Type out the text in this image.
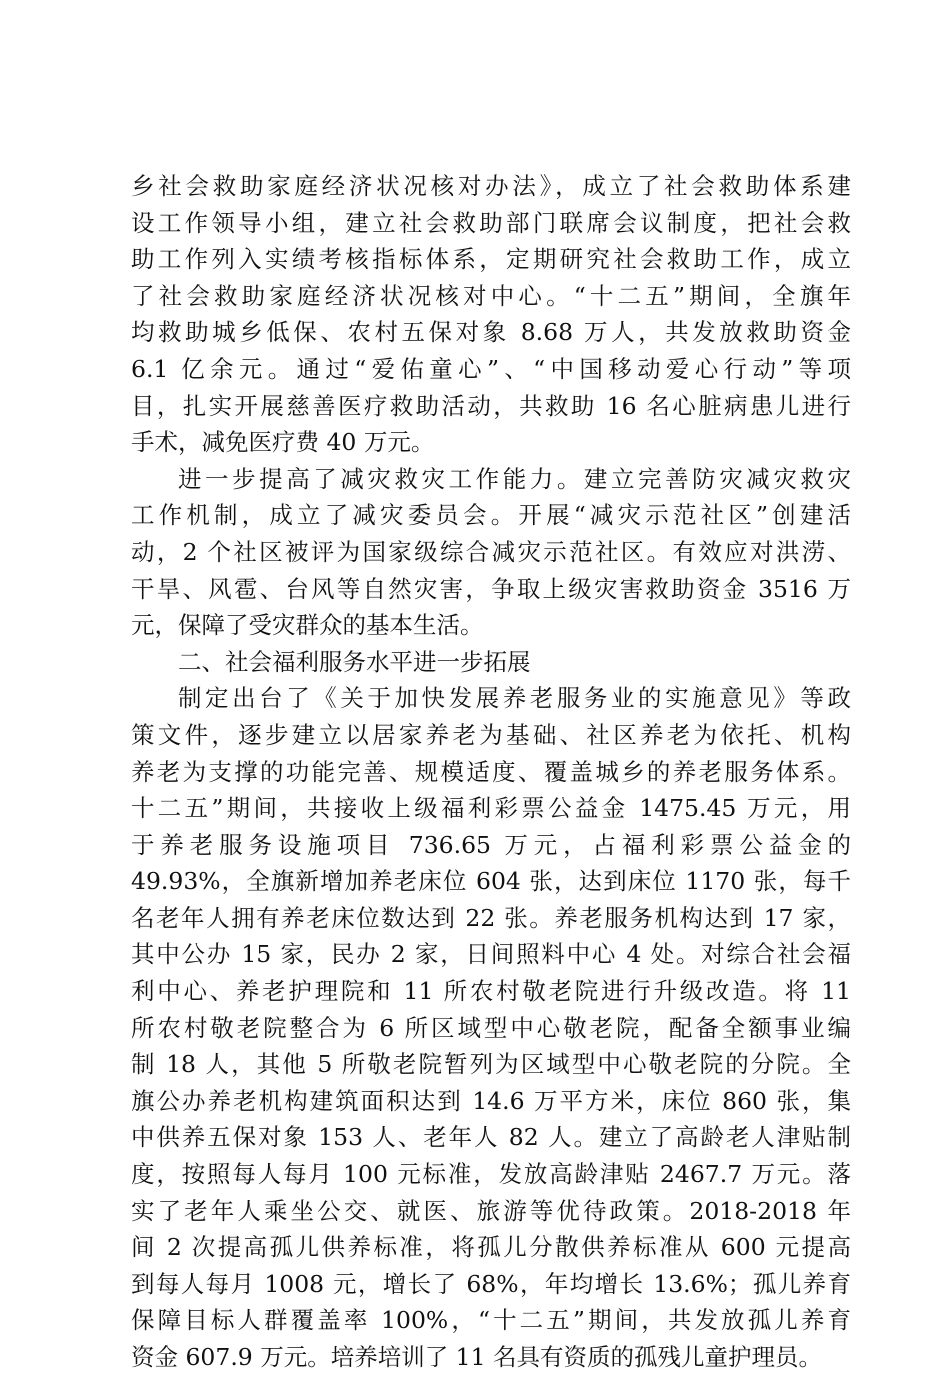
乡社会救助家庭经济状况核对办法》，成立了社会救助体系建
设工作领导小组，建立社会救助部门联席会议制度，把社会救
助工作列入实绩考核指标体系，定期研究社会救助工作，成立
了社会救助家庭经济状况核对中心。“十二五”期间，全旗年
均救助城乡低保、农村五保对象 8.68 万人，共发放救助资金
6.1 亿余元。通过“爱佑童心”、“中国移动爱心行动”等项
目，扎实开展慈善医疗救助活动，共救助 16 名心脏病患儿进行
手术，减免医疗费 40 万元。
进一步提高了减灾救灾工作能力。建立完善防灾减灾救灾
工作机制，成立了减灾委员会。开展“减灾示范社区”创建活
动，2 个社区被评为国家级综合减灾示范社区。有效应对洪涝、
干旱、风雹、台风等自然灾害，争取上级灾害救助资金 3516 万
元，保障了受灾群众的基本生活。
二、社会福利服务水平进一步拓展
制定出台了《关于加快发展养老服务业的实施意见》等政
策文件，逐步建立以居家养老为基础、社区养老为依托、机构
养老为支撑的功能完善、规模适度、覆盖城乡的养老服务体系。
十二五”期间，共接收上级福利彩票公益金 1475.45 万元，用
于养老服务设施项目 736.65 万元，占福利彩票公益金的
49.93%，全旗新增加养老床位 604 张，达到床位 1170 张，每千
名老年人拥有养老床位数达到 22 张。养老服务机构达到 17 家，
其中公办 15 家，民办 2 家，日间照料中心 4 处。对综合社会福
利中心、养老护理院和 11 所农村敬老院进行升级改造。将 11
所农村敬老院整合为 6 所区域型中心敬老院，配备全额事业编
制 18 人，其他 5 所敬老院暂列为区域型中心敬老院的分院。全
旗公办养老机构建筑面积达到 14.6 万平方米，床位 860 张，集
中供养五保对象 153 人、老年人 82 人。建立了高龄老人津贴制
度，按照每人每月 100 元标准，发放高龄津贴 2467.7 万元。落
实了老年人乘坐公交、就医、旅游等优待政策。2018-2018 年
间 2 次提高孤儿供养标准，将孤儿分散供养标准从 600 元提高
到每人每月 1008 元，增长了 68%，年均增长 13.6%；孤儿养育
保障目标人群覆盖率 100%，“十二五”期间，共发放孤儿养育
资金 607.9 万元。培养培训了 11 名具有资质的孤残儿童护理员。
